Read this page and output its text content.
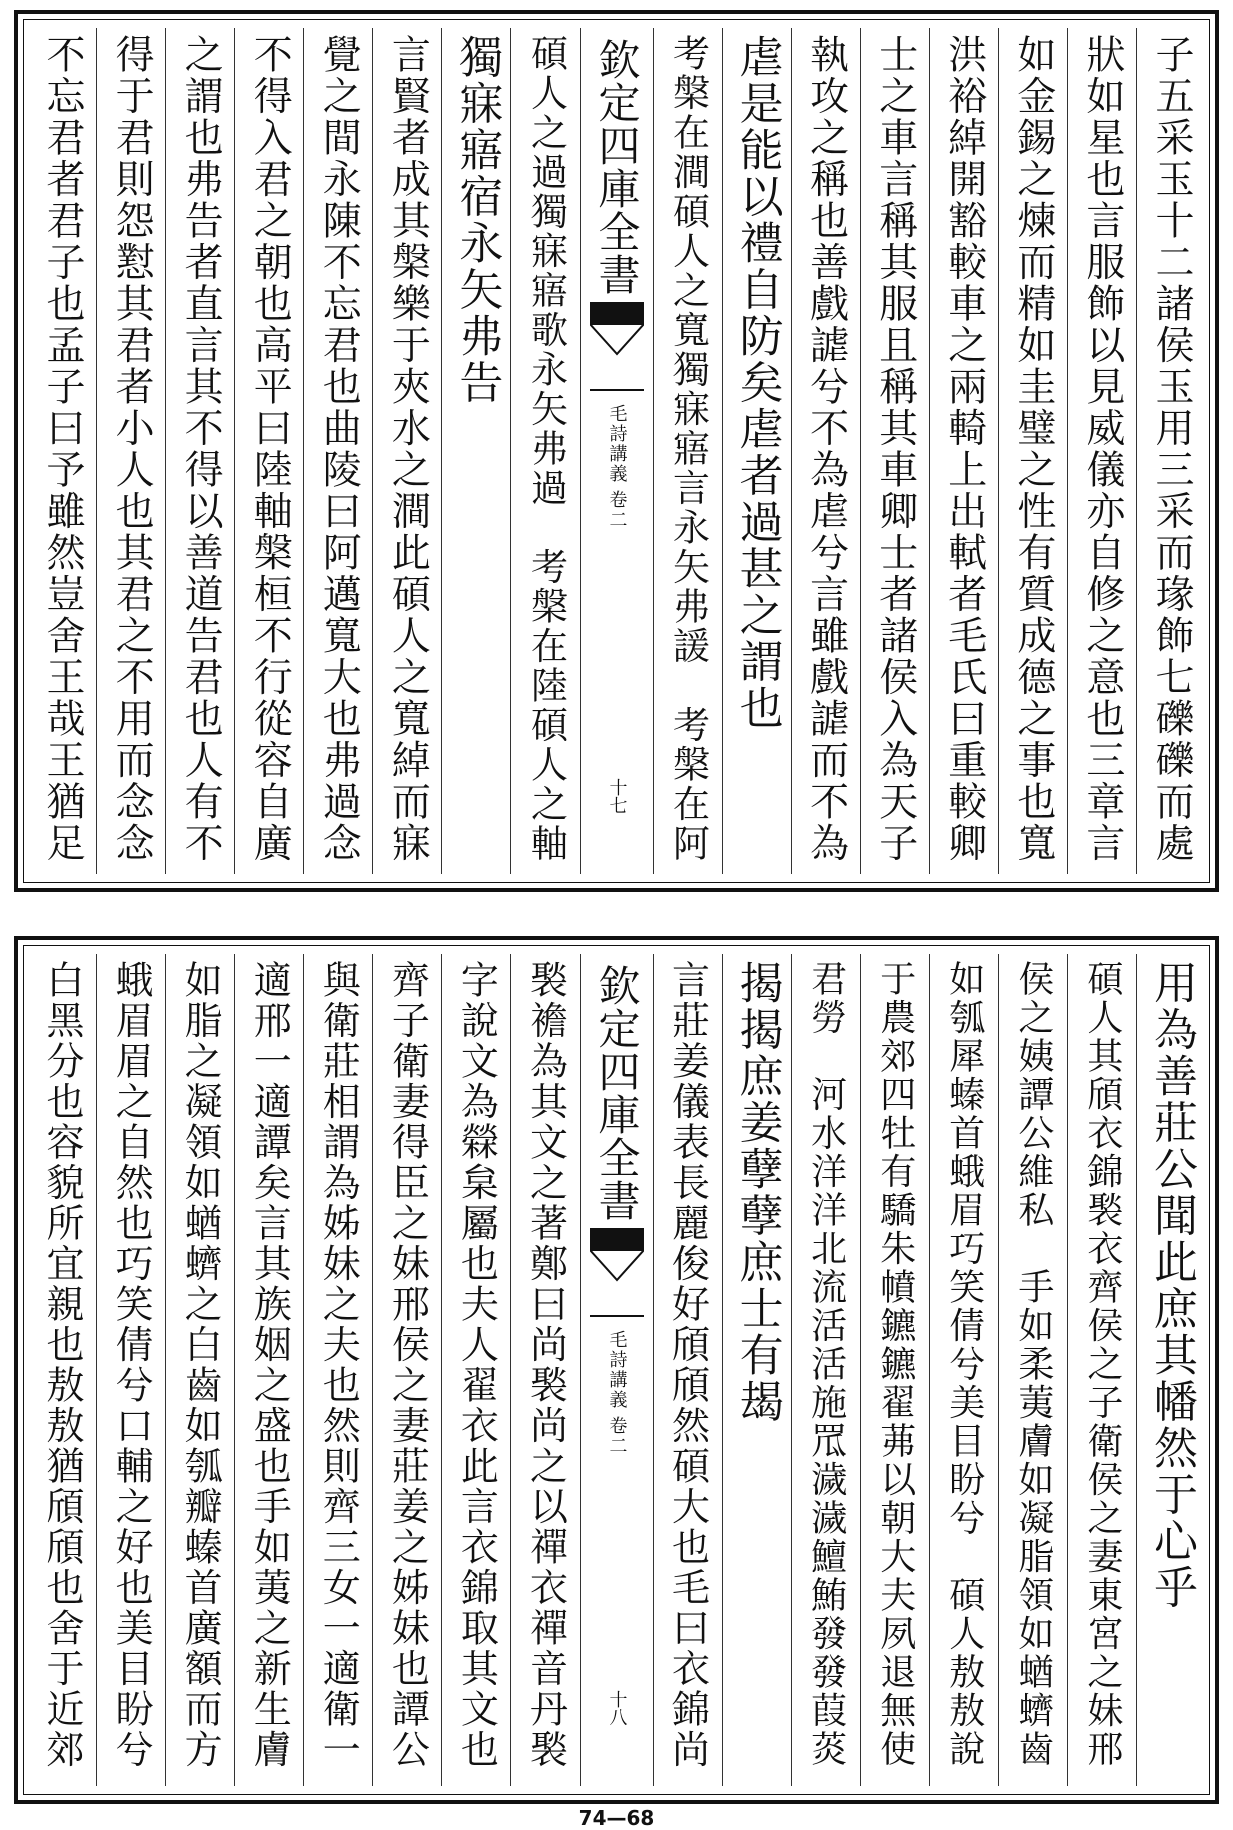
子五采玉十二諸侯玉用三采而瑑飾七礫礫而處
狀如星也言服飾以見威儀亦自修之意也三章言
如金錫之煉而精如圭璧之性有質成德之事也寬
洪裕綽開豁較車之兩輢上出軾者毛氏曰重較卿
士之車言稱其服且稱其車卿士者諸侯入為天子
執攻之稱也善戲謔兮不為虐兮言雖戲謔而不為
虐是能以禮自防矣虐者過甚之謂也
考槃在澗碩人之寬獨寐寤言永矢弗諼　考槃在阿
欽定四庫全書
毛詩講義
卷二
十七
碩人之過獨寐寤歌永矢弗過　考槃在陸碩人之軸
獨寐寤宿永矢弗告
言賢者成其槃樂于夾水之澗此碩人之寬綽而寐
覺之間永陳不忘君也曲陵曰阿邁寬大也弗過念
不得入君之朝也高平曰陸軸槃桓不行從容自廣
之謂也弗告者直言其不得以善道告君也人有不
得于君則怨懟其君者小人也其君之不用而念念
不忘君者君子也孟子曰予雖然豈舍王哉王猶足
用為善莊公聞此庶其幡然于心乎
碩人其頎衣錦褧衣齊侯之子衛侯之妻東宮之妹邢
侯之姨譚公維私　手如柔荑膚如凝脂領如蝤蠐齒
如瓠犀螓首蛾眉巧笑倩兮美目盼兮　碩人敖敖說
于農郊四牡有驕朱幩鑣鑣翟茀以朝大夫夙退無使
君勞　河水洋洋北流活活施罛濊濊鱣鮪發發葭菼
揭揭庶姜孽孽庶士有朅
言莊姜儀表長麗俊好頎頎然碩大也毛曰衣錦尚
欽定四庫全書
毛詩講義
卷二
十八
褧襜為其文之著鄭曰尚褧尚之以禪衣禪音丹褧
字說文為檾枲屬也夫人翟衣此言衣錦取其文也
齊子衛妻得臣之妹邢侯之妻莊姜之姊妹也譚公
與衛莊相謂為姊妹之夫也然則齊三女一適衛一
適邢一適譚矣言其族姻之盛也手如荑之新生膚
如脂之凝領如蝤蠐之白齒如瓠瓣螓首廣額而方
蛾眉眉之自然也巧笑倩兮口輔之好也美目盼兮
白黑分也容貌所宜親也敖敖猶頎頎也舍于近郊
74—68
